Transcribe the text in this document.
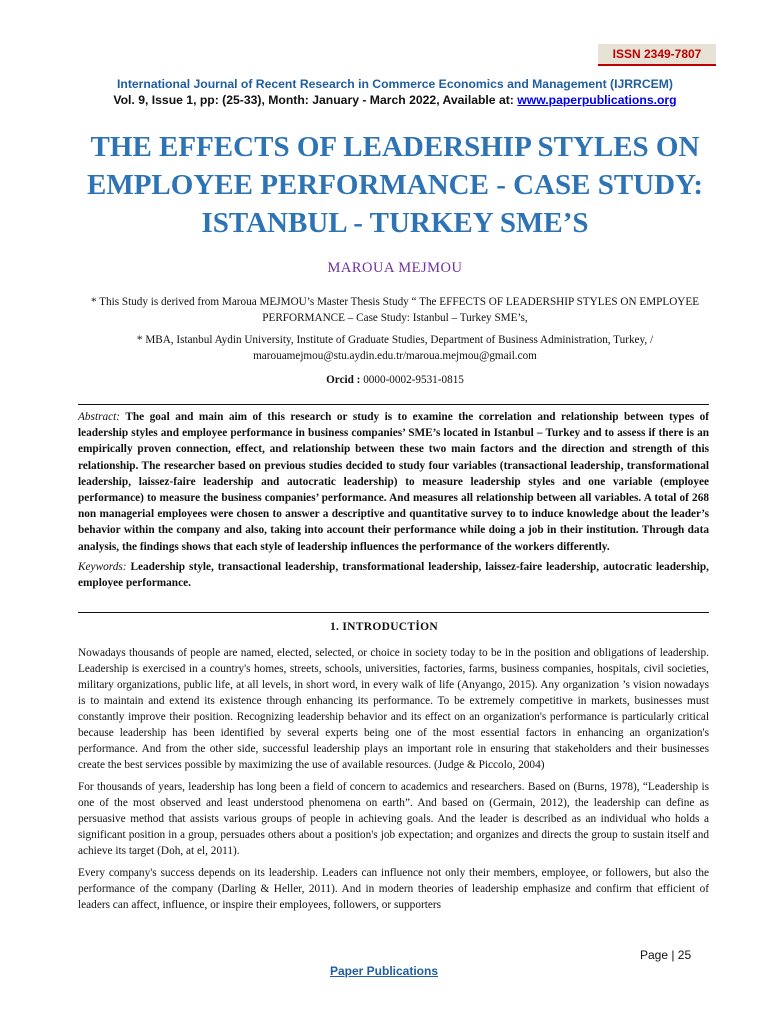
ISSN 2349-7807
International Journal of Recent Research in Commerce Economics and Management (IJRRCEM)
Vol. 9, Issue 1, pp: (25-33), Month: January - March 2022, Available at: www.paperpublications.org
THE EFFECTS OF LEADERSHIP STYLES ON EMPLOYEE PERFORMANCE - CASE STUDY: ISTANBUL - TURKEY SME’S
MAROUA MEJMOU
* This Study is derived from Maroua MEJMOU’s Master Thesis Study “ The EFFECTS OF LEADERSHIP STYLES ON EMPLOYEE PERFORMANCE – Case Study: Istanbul – Turkey SME’s,
* MBA, Istanbul Aydin University, Institute of Graduate Studies, Department of Business Administration, Turkey, / marouamejmou@stu.aydin.edu.tr/maroua.mejmou@gmail.com
Orcid : 0000-0002-9531-0815
Abstract: The goal and main aim of this research or study is to examine the correlation and relationship between types of leadership styles and employee performance in business companies’ SME’s located in Istanbul – Turkey and to assess if there is an empirically proven connection, effect, and relationship between these two main factors and the direction and strength of this relationship. The researcher based on previous studies decided to study four variables (transactional leadership, transformational leadership, laissez-faire leadership and autocratic leadership) to measure leadership styles and one variable (employee performance) to measure the business companies’ performance. And measures all relationship between all variables. A total of 268 non managerial employees were chosen to answer a descriptive and quantitative survey to to induce knowledge about the leader’s behavior within the company and also, taking into account their performance while doing a job in their institution. Through data analysis, the findings shows that each style of leadership influences the performance of the workers differently.
Keywords: Leadership style, transactional leadership, transformational leadership, laissez-faire leadership, autocratic leadership, employee performance.
1. INTRODUCTİON

Nowadays thousands of people are named, elected, selected, or choice in society today to be in the position and obligations of leadership. Leadership is exercised in a country's homes, streets, schools, universities, factories, farms, business companies, hospitals, civil societies, military organizations, public life, at all levels, in short word, in every walk of life (Anyango, 2015). Any organization ’s vision nowadays is to maintain and extend its existence through enhancing its performance. To be extremely competitive in markets, businesses must constantly improve their position. Recognizing leadership behavior and its effect on an organization's performance is particularly critical because leadership has been identified by several experts being one of the most essential factors in enhancing an organization's performance. And from the other side, successful leadership plays an important role in ensuring that stakeholders and their businesses create the best services possible by maximizing the use of available resources. (Judge & Piccolo, 2004)

For thousands of years, leadership has long been a field of concern to academics and researchers. Based on (Burns, 1978), “Leadership is one of the most observed and least understood phenomena on earth”. And based on (Germain, 2012), the leadership can define as persuasive method that assists various groups of people in achieving goals. And the leader is described as an individual who holds a significant position in a group, persuades others about a position's job expectation; and organizes and directs the group to sustain itself and achieve its target (Doh, at el, 2011).

Every company's success depends on its leadership. Leaders can influence not only their members, employee, or followers, but also the performance of the company (Darling & Heller, 2011). And in modern theories of leadership emphasize and confirm that efficient of leaders can affect, influence, or inspire their employees, followers, or supporters

Page | 25
Paper Publications
